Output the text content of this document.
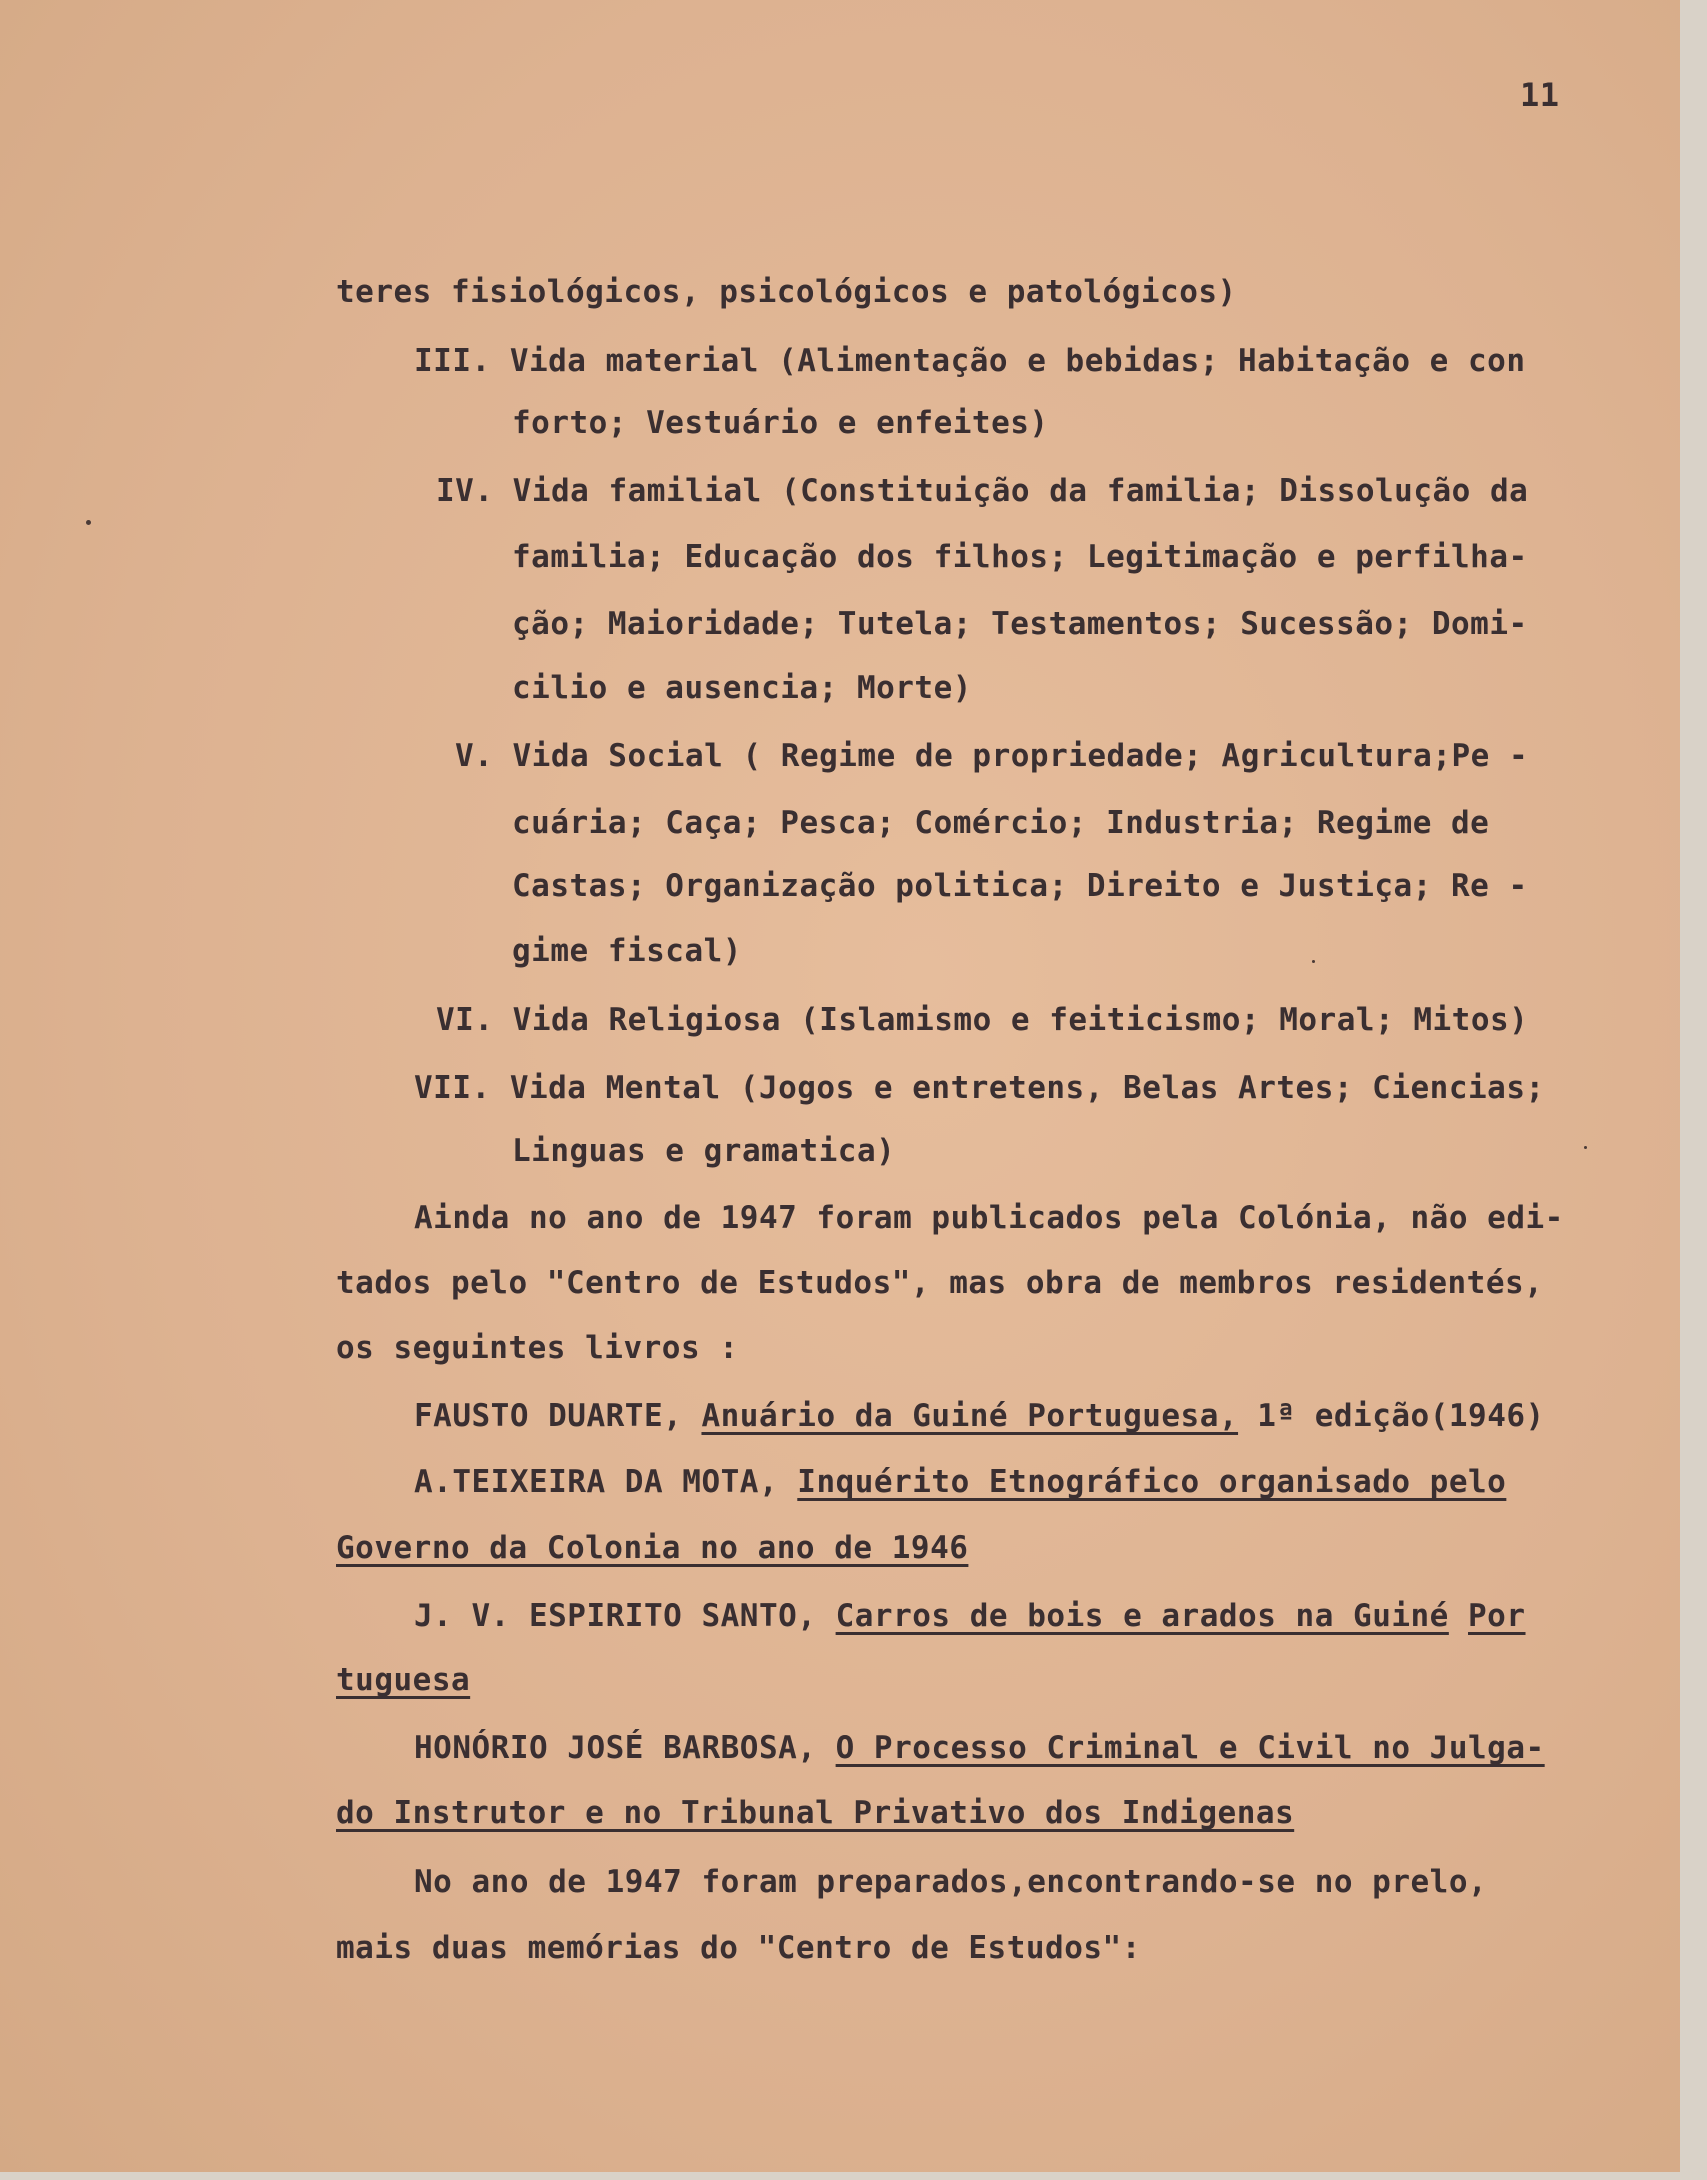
11
teres fisiológicos, psicológicos e patológicos)
III. Vida material (Alimentação e bebidas; Habitação e con
forto; Vestuário e enfeites)
IV. Vida familial (Constituição da familia; Dissolução da
familia; Educação dos filhos; Legitimação e perfilha-
ção; Maioridade; Tutela; Testamentos; Sucessão; Domi-
cilio e ausencia; Morte)
V. Vida Social ( Regime de propriedade; Agricultura;Pe -
cuária; Caça; Pesca; Comércio; Industria; Regime de
Castas; Organização politica; Direito e Justiça; Re -
gime fiscal)
VI. Vida Religiosa (Islamismo e feiticismo; Moral; Mitos)
VII. Vida Mental (Jogos e entretens, Belas Artes; Ciencias;
Linguas e gramatica)
Ainda no ano de 1947 foram publicados pela Colónia, não edi-
tados pelo "Centro de Estudos", mas obra de membros residentés,
os seguintes livros :
FAUSTO DUARTE, Anuário da Guiné Portuguesa, 1ª edição(1946)
A.TEIXEIRA DA MOTA, Inquérito Etnográfico organisado pelo
Governo da Colonia no ano de 1946
J. V. ESPIRITO SANTO, Carros de bois e arados na Guiné Por
tuguesa
HONÓRIO JOSÉ BARBOSA, O Processo Criminal e Civil no Julga-
do Instrutor e no Tribunal Privativo dos Indigenas
No ano de 1947 foram preparados,encontrando-se no prelo,
mais duas memórias do "Centro de Estudos":
